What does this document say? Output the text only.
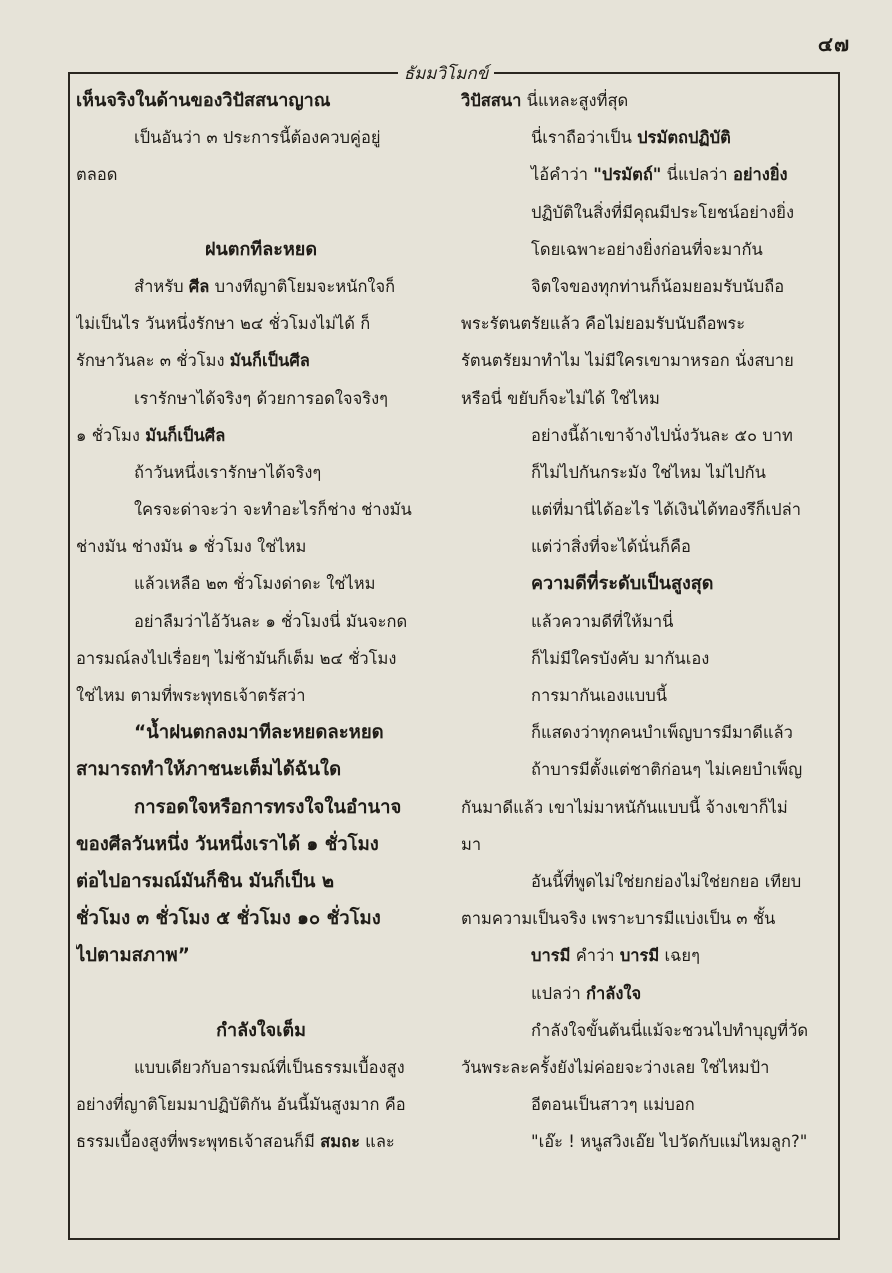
๔๗
ธัมมวิโมกข์
เห็นจริงในด้านของวิปัสสนาญาณ
เป็นอันว่า ๓ ประการนี้ต้องควบคู่อยู่
ตลอด
ฝนตกทีละหยด
สำหรับ ศีล บางทีญาติโยมจะหนักใจก็
ไม่เป็นไร วันหนึ่งรักษา ๒๔ ชั่วโมงไม่ได้ ก็
รักษาวันละ ๓ ชั่วโมง มันก็เป็นศีล
เรารักษาได้จริงๆ ด้วยการอดใจจริงๆ
๑ ชั่วโมง มันก็เป็นศีล
ถ้าวันหนึ่งเรารักษาได้จริงๆ
ใครจะด่าจะว่า จะทำอะไรก็ช่าง ช่างมัน
ช่างมัน ช่างมัน ๑ ชั่วโมง ใช่ไหม
แล้วเหลือ ๒๓ ชั่วโมงด่าดะ ใช่ไหม
อย่าลืมว่าไอ้วันละ ๑ ชั่วโมงนี่ มันจะกด
อารมณ์ลงไปเรื่อยๆ ไม่ช้ามันก็เต็ม ๒๔ ชั่วโมง
ใช่ไหม ตามที่พระพุทธเจ้าตรัสว่า
“น้ำฝนตกลงมาทีละหยดละหยด
สามารถทำให้ภาชนะเต็มได้ฉันใด
การอดใจหรือการทรงใจในอำนาจ
ของศีลวันหนึ่ง วันหนึ่งเราได้ ๑ ชั่วโมง
ต่อไปอารมณ์มันก็ชิน มันก็เป็น ๒
ชั่วโมง ๓ ชั่วโมง ๕ ชั่วโมง ๑๐ ชั่วโมง
ไปตามสภาพ”
กำลังใจเต็ม
แบบเดียวกับอารมณ์ที่เป็นธรรมเบื้องสูง
อย่างที่ญาติโยมมาปฏิบัติกัน อันนี้มันสูงมาก คือ
ธรรมเบื้องสูงที่พระพุทธเจ้าสอนก็มี สมถะ และ
วิปัสสนา นี่แหละสูงที่สุด
นี่เราถือว่าเป็น ปรมัตถปฏิบัติ
ไอ้คำว่า "ปรมัตถ์" นี่แปลว่า อย่างยิ่ง
ปฏิบัติในสิ่งที่มีคุณมีประโยชน์อย่างยิ่ง
โดยเฉพาะอย่างยิ่งก่อนที่จะมากัน
จิตใจของทุกท่านก็น้อมยอมรับนับถือ
พระรัตนตรัยแล้ว คือไม่ยอมรับนับถือพระ
รัตนตรัยมาทำไม ไม่มีใครเขามาหรอก นั่งสบาย
หรือนี่ ขยับก็จะไม่ได้ ใช่ไหม
อย่างนี้ถ้าเขาจ้างไปนั่งวันละ ๕๐ บาท
ก็ไม่ไปกันกระมัง ใช่ไหม ไม่ไปกัน
แต่ที่มานี่ได้อะไร ได้เงินได้ทองรึก็เปล่า
แต่ว่าสิ่งที่จะได้นั่นก็คือ
ความดีที่ระดับเป็นสูงสุด
แล้วความดีที่ให้มานี่
ก็ไม่มีใครบังคับ มากันเอง
การมากันเองแบบนี้
ก็แสดงว่าทุกคนบำเพ็ญบารมีมาดีแล้ว
ถ้าบารมีตั้งแต่ชาติก่อนๆ ไม่เคยบำเพ็ญ
กันมาดีแล้ว เขาไม่มาหนักันแบบนี้ จ้างเขาก็ไม่
มา
อันนี้ที่พูดไม่ใช่ยกย่องไม่ใช่ยกยอ เทียบ
ตามความเป็นจริง เพราะบารมีแบ่งเป็น ๓ ชั้น
บารมี คำว่า บารมี เฉยๆ
แปลว่า กำลังใจ
กำลังใจขั้นต้นนี่แม้จะชวนไปทำบุญที่วัด
วันพระละครั้งยังไม่ค่อยจะว่างเลย ใช่ไหมป้า
อีตอนเป็นสาวๆ แม่บอก
"เอ๊ะ ! หนูสวิงเอ๊ย ไปวัดกับแม่ไหมลูก?"
